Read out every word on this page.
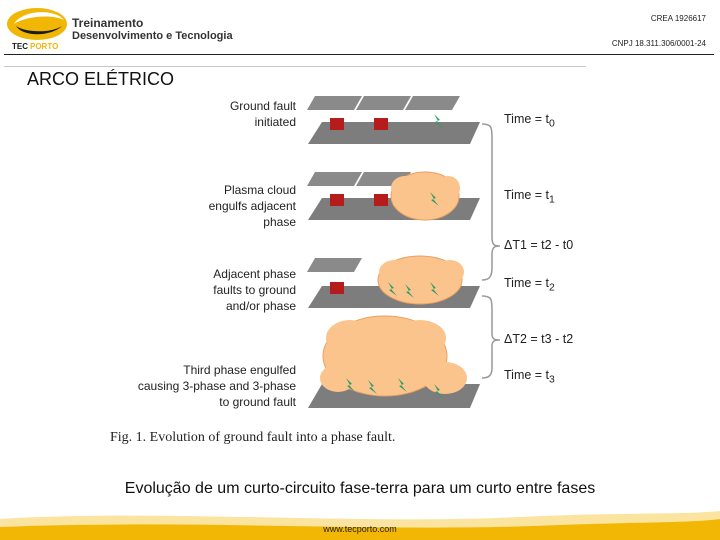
TEC PORTO
Treinamento
Desenvolvimento e Tecnologia
CREA 1926617
CNPJ 18.311.306/0001-24
ARCO ELÉTRICO
Ground fault
initiated
Plasma cloud
engulfs adjacent
phase
Adjacent phase
faults to ground
and/or phase
Third phase engulfed
causing 3-phase and 3-phase
to ground fault
Time = $t_0$
Time = $t_1$
ΔT1 = t2 - t0
Time = $t_2$
ΔT2 = t3 - t2
Time = $t_3$
Fig. 1. Evolution of ground fault into a phase fault.
Evolução de um curto-circuito fase-terra para um curto entre fases
www.tecporto.com
